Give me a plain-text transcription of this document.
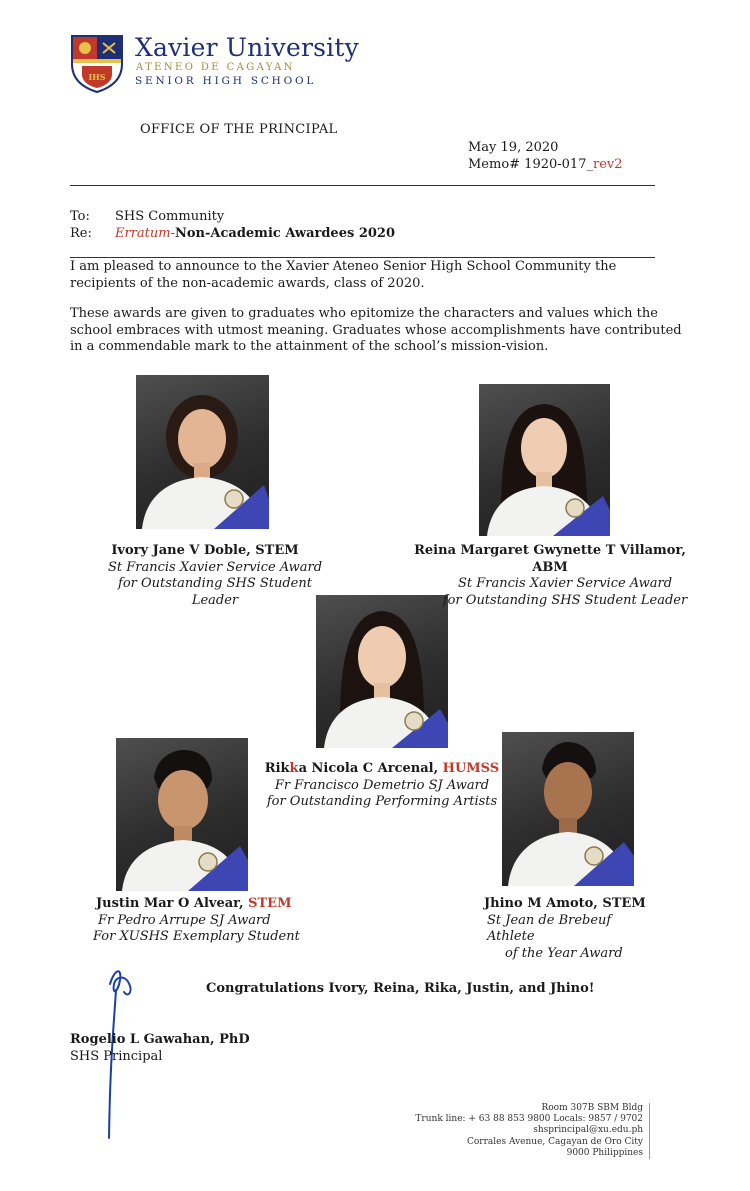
IHS
Xavier University
ATENEO DE CAGAYAN
SENIOR HIGH SCHOOL
OFFICE OF THE PRINCIPAL
May 19, 2020
Memo# 1920-017_rev2
To: SHS Community
Re: Erratum-Non-Academic Awardees 2020
I am pleased to announce to the Xavier Ateneo Senior High School Community the recipients of the non-academic awards, class of 2020.
These awards are given to graduates who epitomize the characters and values which the school embraces with utmost meaning. Graduates whose accomplishments have contributed in a commendable mark to the attainment of the school’s mission-vision.
Ivory Jane V Doble, STEM
St Francis Xavier Service Award
for Outstanding SHS Student Leader
Reina Margaret Gwynette T Villamor, ABM
St Francis Xavier Service Award
for Outstanding SHS Student Leader
Rikka Nicola C Arcenal, HUMSS
Fr Francisco Demetrio SJ Award
for Outstanding Performing Artists
Justin Mar O Alvear, STEM
Fr Pedro Arrupe SJ Award
For XUSHS Exemplary Student
Jhino M Amoto, STEM
St Jean de Brebeuf Athlete
of the Year Award
Congratulations Ivory, Reina, Rika, Justin, and Jhino!
Rogelio L Gawahan, PhD
SHS Principal
Room 307B SBM Bldg
Trunk line: + 63 88 853 9800 Locals: 9857 / 9702
shsprincipal@xu.edu.ph
Corrales Avenue, Cagayan de Oro City
9000 Philippines
